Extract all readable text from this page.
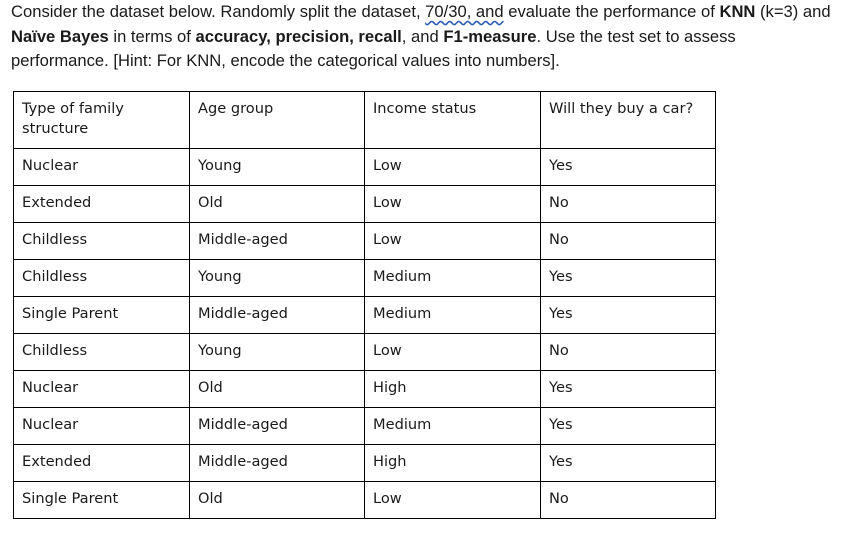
Consider the dataset below. Randomly split the dataset, 70/30, and evaluate the performance of KNN (k=3) and Naïve Bayes in terms of accuracy, precision, recall, and F1-measure. Use the test set to assess performance. [Hint: For KNN, encode the categorical values into numbers].
Type of family structure	Age group	Income status	Will they buy a car?
Nuclear	Young	Low	Yes
Extended	Old	Low	No
Childless	Middle-aged	Low	No
Childless	Young	Medium	Yes
Single Parent	Middle-aged	Medium	Yes
Childless	Young	Low	No
Nuclear	Old	High	Yes
Nuclear	Middle-aged	Medium	Yes
Extended	Middle-aged	High	Yes
Single Parent	Old	Low	No
